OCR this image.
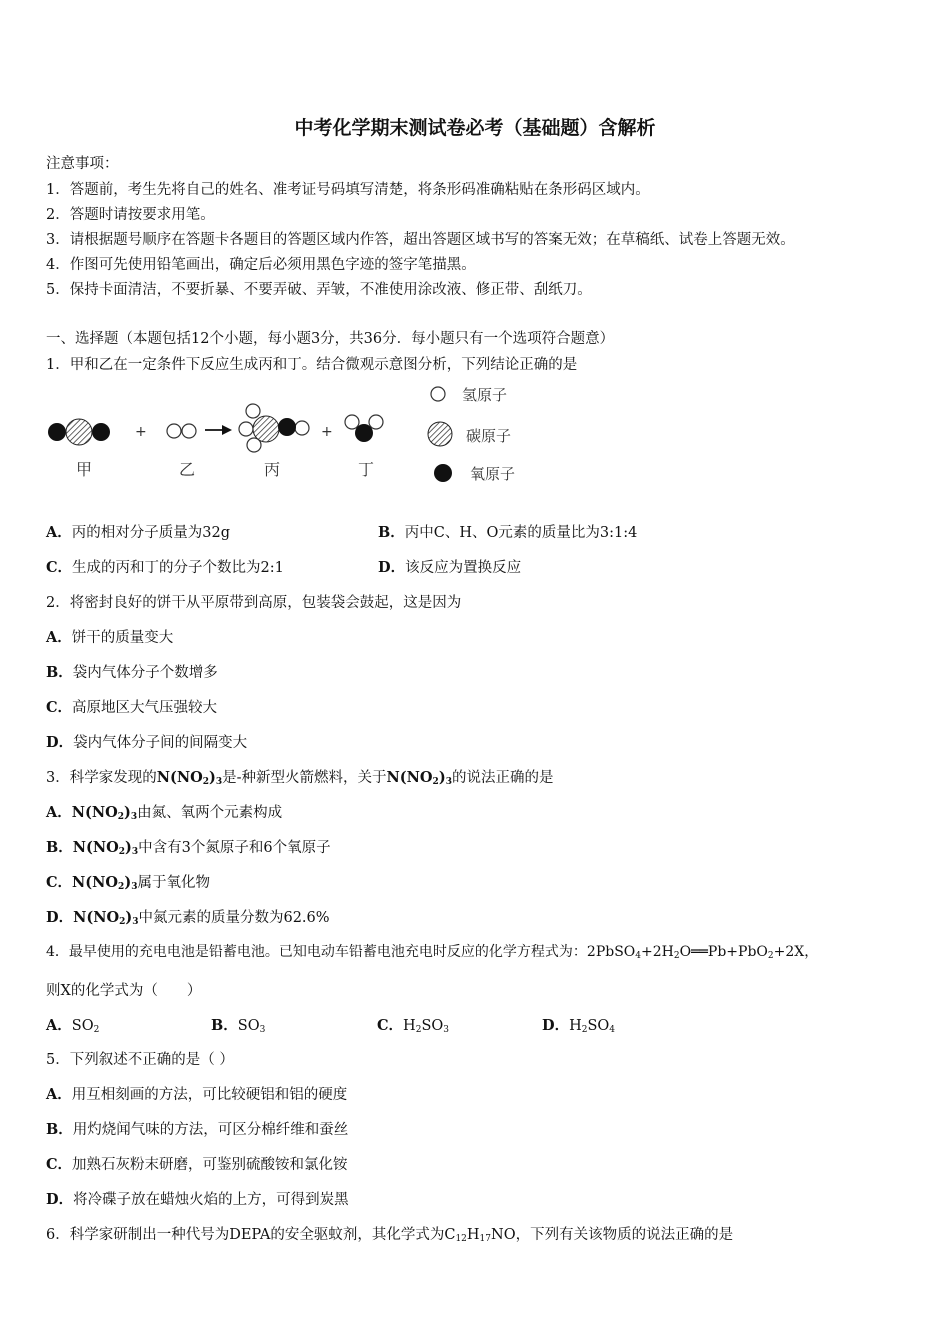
中考化学期末测试卷必考（基础题）含解析
注意事项：
1．答题前，考生先将自己的姓名、准考证号码填写清楚，将条形码准确粘贴在条形码区域内。
2．答题时请按要求用笔。
3．请根据题号顺序在答题卡各题目的答题区域内作答，超出答题区域书写的答案无效；在草稿纸、试卷上答题无效。
4．作图可先使用铅笔画出，确定后必须用黑色字迹的签字笔描黑。
5．保持卡面清洁，不要折暴、不要弄破、弄皱，不准使用涂改液、修正带、刮纸刀。
一、选择题（本题包括12个小题，每小题3分，共36分．每小题只有一个选项符合题意）
1．甲和乙在一定条件下反应生成丙和丁。结合微观示意图分析，下列结论正确的是
+	+
甲	乙	丙	丁
氢原子
碳原子
氧原子
A．丙的相对分子质量为32g	B．丙中C、H、O元素的质量比为3:1:4
C．生成的丙和丁的分子个数比为2:1	D．该反应为置换反应
2．将密封良好的饼干从平原带到高原，包装袋会鼓起，这是因为
A．饼干的质量变大
B．袋内气体分子个数增多
C．高原地区大气压强较大
D．袋内气体分子间的间隔变大
3．科学家发现的$N(NO_2)_3$是-种新型火箭燃料，关于$N(NO_2)_3$的说法正确的是
A．$N(NO_2)_3$由氮、氧两个元素构成
B．$N(NO_2)_3$中含有3个氮原子和6个氧原子
C．$N(NO_2)_3$属于氧化物
D．$N(NO_2)_3$中氮元素的质量分数为62.6%
4．最早使用的充电电池是铅蓄电池。已知电动车铅蓄电池充电时反应的化学方程式为：$2PbSO_4+2H_2O══Pb+PbO_2+2X$，
则X的化学式为（　　）
A．$SO_2$	B．$SO_3$	C．$H_2SO_3$	D．$H_2SO_4$
5．下列叙述不正确的是（ ）
A．用互相刻画的方法，可比较硬铝和铝的硬度
B．用灼烧闻气味的方法，可区分棉纤维和蚕丝
C．加熟石灰粉末研磨，可鉴别硫酸铵和氯化铵
D．将冷碟子放在蜡烛火焰的上方，可得到炭黑
6．科学家研制出一种代号为DEPA的安全驱蚊剂，其化学式为$C_{12}H_{17}NO$，下列有关该物质的说法正确的是
